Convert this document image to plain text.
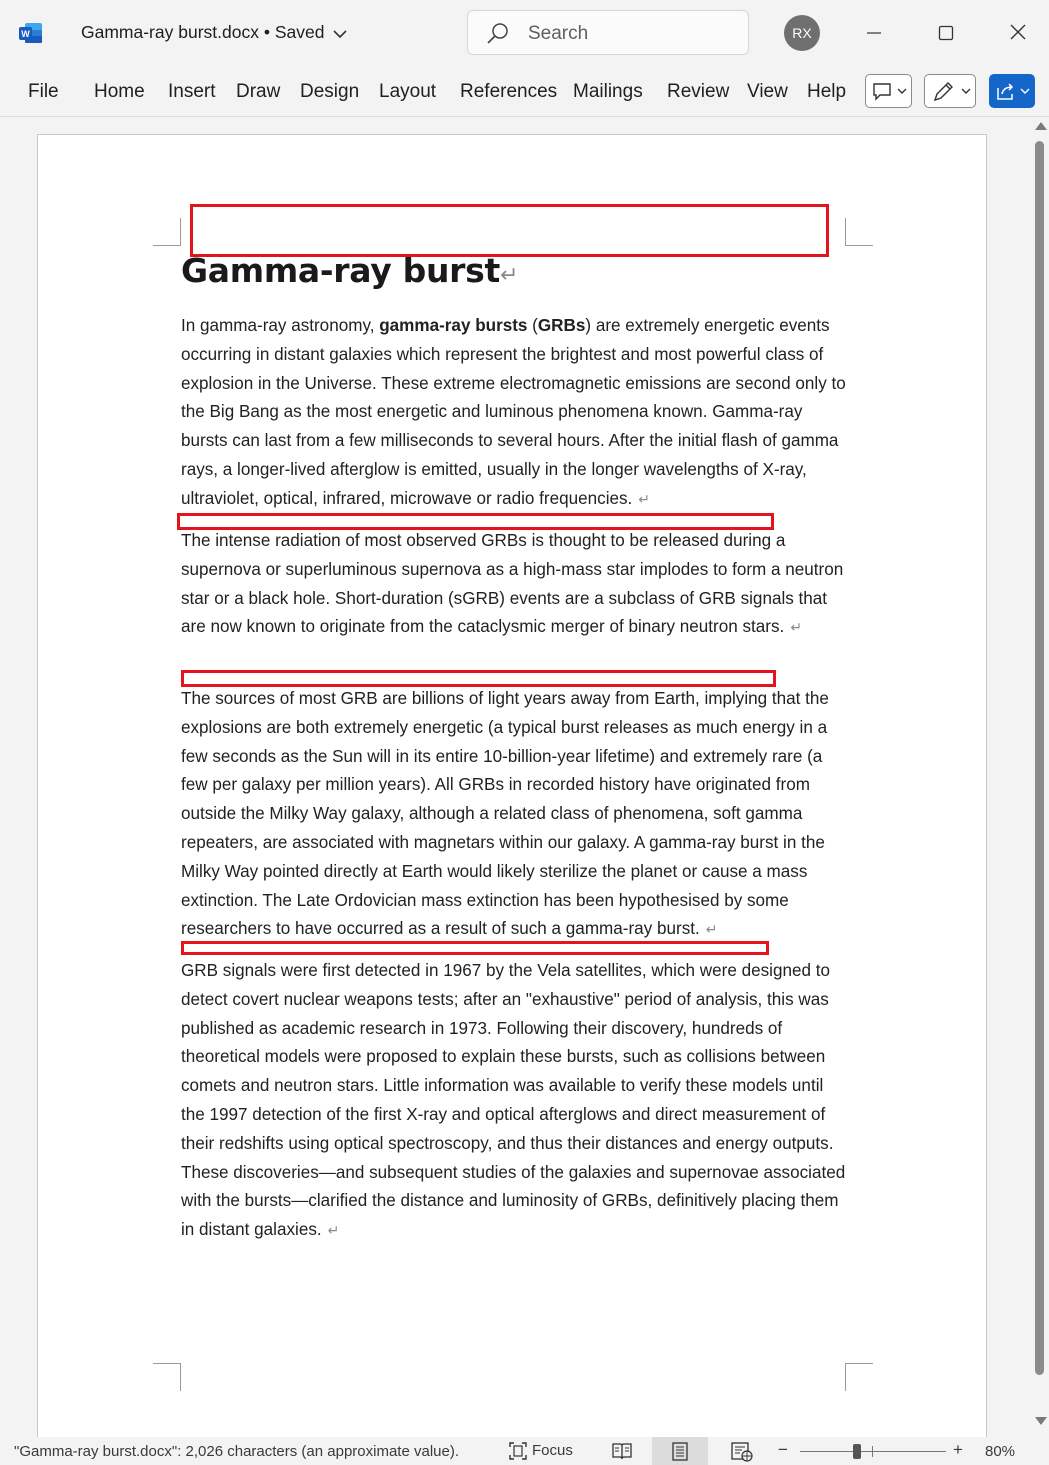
W	Gamma-ray burst.docx • Saved	Search	RX
File Home Insert Draw Design Layout References Mailings Review View Help
Gamma-ray burst↵

In gamma-ray astronomy, gamma-ray bursts (GRBs) are extremely energetic events occurring in distant galaxies which represent the brightest and most powerful class of explosion in the Universe. These extreme electromagnetic emissions are second only to the Big Bang as the most energetic and luminous phenomena known. Gamma-ray bursts can last from a few milliseconds to several hours. After the initial flash of gamma rays, a longer-lived afterglow is emitted, usually in the longer wavelengths of X-ray, ultraviolet, optical, infrared, microwave or radio frequencies. ↵

The intense radiation of most observed GRBs is thought to be released during a supernova or superluminous supernova as a high-mass star implodes to form a neutron star or a black hole. Short-duration (sGRB) events are a subclass of GRB signals that are now known to originate from the cataclysmic merger of binary neutron stars. ↵

The sources of most GRB are billions of light years away from Earth, implying that the explosions are both extremely energetic (a typical burst releases as much energy in a few seconds as the Sun will in its entire 10-billion-year lifetime) and extremely rare (a few per galaxy per million years). All GRBs in recorded history have originated from outside the Milky Way galaxy, although a related class of phenomena, soft gamma repeaters, are associated with magnetars within our galaxy. A gamma-ray burst in the Milky Way pointed directly at Earth would likely sterilize the planet or cause a mass extinction. The Late Ordovician mass extinction has been hypothesised by some researchers to have occurred as a result of such a gamma-ray burst. ↵

GRB signals were first detected in 1967 by the Vela satellites, which were designed to detect covert nuclear weapons tests; after an "exhaustive" period of analysis, this was published as academic research in 1973. Following their discovery, hundreds of theoretical models were proposed to explain these bursts, such as collisions between comets and neutron stars. Little information was available to verify these models until the 1997 detection of the first X-ray and optical afterglows and direct measurement of their redshifts using optical spectroscopy, and thus their distances and energy outputs. These discoveries—and subsequent studies of the galaxies and supernovae associated with the bursts—clarified the distance and luminosity of GRBs, definitively placing them in distant galaxies. ↵

"Gamma-ray burst.docx": 2,026 characters (an approximate value).	Focus	−	+ 80%
